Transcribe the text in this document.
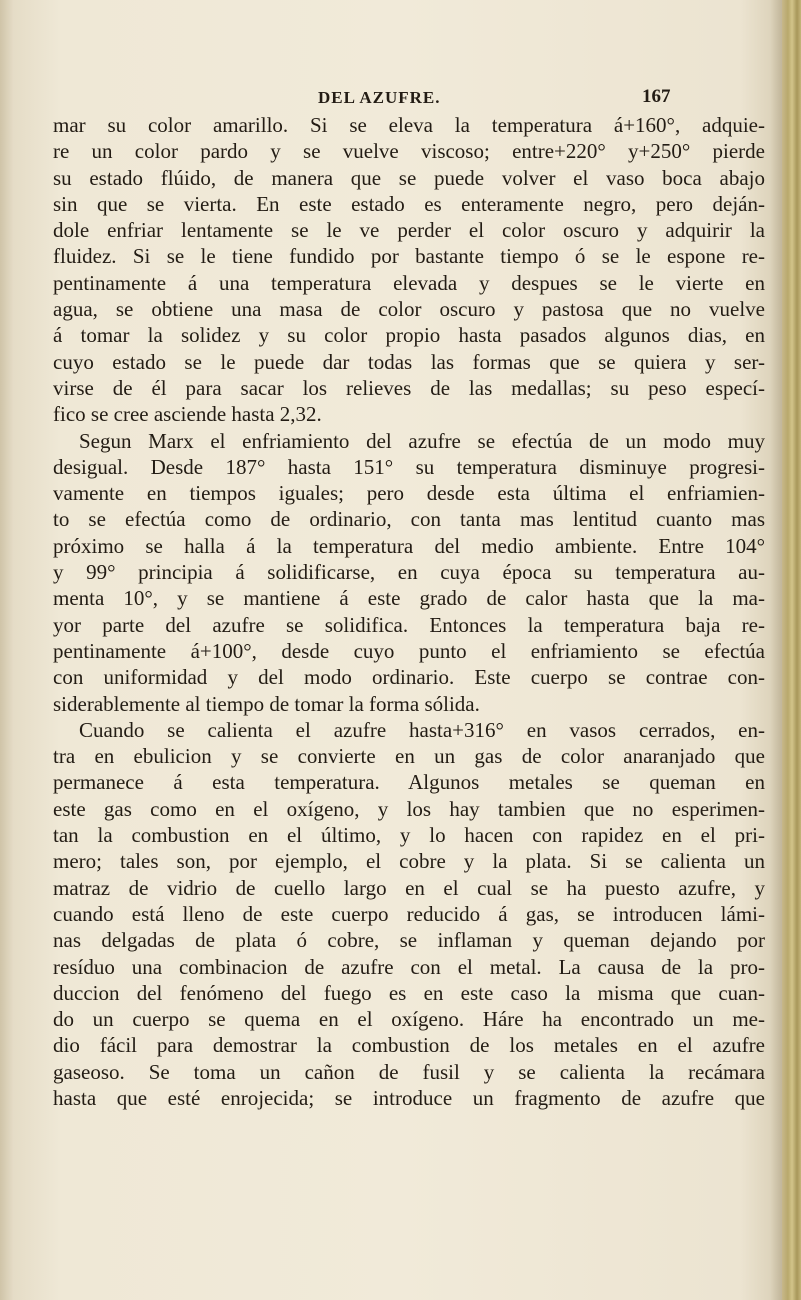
DEL AZUFRE.	167
mar su color amarillo. Si se eleva la temperatura á+160°, adquie-
re un color pardo y se vuelve viscoso; entre+220° y+250° pierde
su estado flúido, de manera que se puede volver el vaso boca abajo
sin que se vierta. En este estado es enteramente negro, pero deján-
dole enfriar lentamente se le ve perder el color oscuro y adquirir la
fluidez. Si se le tiene fundido por bastante tiempo ó se le espone re-
pentinamente á una temperatura elevada y despues se le vierte en
agua, se obtiene una masa de color oscuro y pastosa que no vuelve
á tomar la solidez y su color propio hasta pasados algunos dias, en
cuyo estado se le puede dar todas las formas que se quiera y ser-
virse de él para sacar los relieves de las medallas; su peso especí-
fico se cree asciende hasta 2,32.
Segun Marx el enfriamiento del azufre se efectúa de un modo muy
desigual. Desde 187° hasta 151° su temperatura disminuye progresi-
vamente en tiempos iguales; pero desde esta última el enfriamien-
to se efectúa como de ordinario, con tanta mas lentitud cuanto mas
próximo se halla á la temperatura del medio ambiente. Entre 104°
y 99° principia á solidificarse, en cuya época su temperatura au-
menta 10°, y se mantiene á este grado de calor hasta que la ma-
yor parte del azufre se solidifica. Entonces la temperatura baja re-
pentinamente á+100°, desde cuyo punto el enfriamiento se efectúa
con uniformidad y del modo ordinario. Este cuerpo se contrae con-
siderablemente al tiempo de tomar la forma sólida.
Cuando se calienta el azufre hasta+316° en vasos cerrados, en-
tra en ebulicion y se convierte en un gas de color anaranjado que
permanece á esta temperatura. Algunos metales se queman en
este gas como en el oxígeno, y los hay tambien que no esperimen-
tan la combustion en el último, y lo hacen con rapidez en el pri-
mero; tales son, por ejemplo, el cobre y la plata. Si se calienta un
matraz de vidrio de cuello largo en el cual se ha puesto azufre, y
cuando está lleno de este cuerpo reducido á gas, se introducen lámi-
nas delgadas de plata ó cobre, se inflaman y queman dejando por
resíduo una combinacion de azufre con el metal. La causa de la pro-
duccion del fenómeno del fuego es en este caso la misma que cuan-
do un cuerpo se quema en el oxígeno. Háre ha encontrado un me-
dio fácil para demostrar la combustion de los metales en el azufre
gaseoso. Se toma un cañon de fusil y se calienta la recámara
hasta que esté enrojecida; se introduce un fragmento de azufre que
